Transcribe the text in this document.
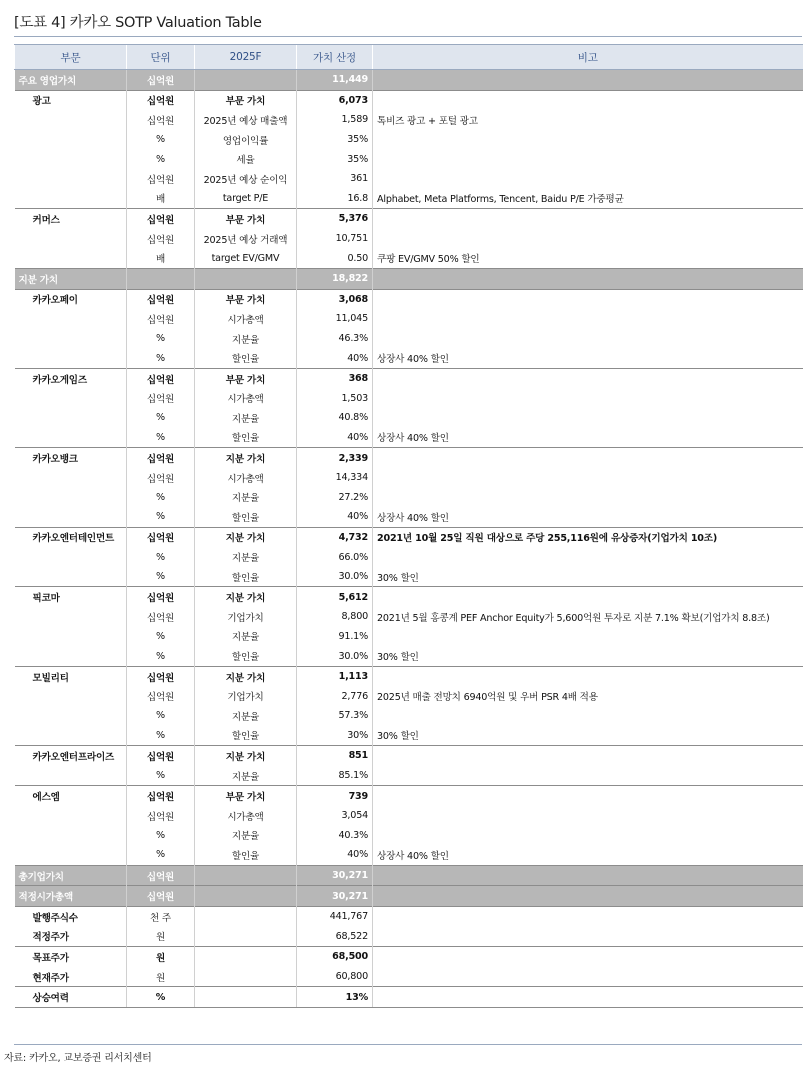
[도표 4] 카카오 SOTP Valuation Table
부문	단위	2025F	가치 산정	비고
주요 영업가치	십억원		11,449	
광고	십억원	부문 가치	6,073	
	십억원	2025년 예상 매출액	1,589	톡비즈 광고 + 포털 광고
	%	영업이익률	35%	
	%	세율	35%	
	십억원	2025년 예상 순이익	361	
	배	target P/E	16.8	Alphabet, Meta Platforms, Tencent, Baidu P/E 가중평균
커머스	십억원	부문 가치	5,376	
	십억원	2025년 예상 거래액	10,751	
	배	target EV/GMV	0.50	쿠팡 EV/GMV 50% 할인
지분 가치			18,822	
카카오페이	십억원	부문 가치	3,068	
	십억원	시가총액	11,045	
	%	지분율	46.3%	
	%	할인율	40%	상장사 40% 할인
카카오게임즈	십억원	부문 가치	368	
	십억원	시가총액	1,503	
	%	지분율	40.8%	
	%	할인율	40%	상장사 40% 할인
카카오뱅크	십억원	지분 가치	2,339	
	십억원	시가총액	14,334	
	%	지분율	27.2%	
	%	할인율	40%	상장사 40% 할인
카카오엔터테인먼트	십억원	지분 가치	4,732	2021년 10월 25일 직원 대상으로 주당 255,116원에 유상증자(기업가치 10조)
	%	지분율	66.0%	
	%	할인율	30.0%	30% 할인
픽코마	십억원	지분 가치	5,612	
	십억원	기업가치	8,800	2021년 5월 홍콩계 PEF Anchor Equity가 5,600억원 투자로 지분 7.1% 확보(기업가치 8.8조)
	%	지분율	91.1%	
	%	할인율	30.0%	30% 할인
모빌리티	십억원	지분 가치	1,113	
	십억원	기업가치	2,776	2025년 매출 전망치 6940억원 및 우버 PSR 4배 적용
	%	지분율	57.3%	
	%	할인율	30%	30% 할인
카카오엔터프라이즈	십억원	지분 가치	851	
	%	지분율	85.1%	
에스엠	십억원	부문 가치	739	
	십억원	시가총액	3,054	
	%	지분율	40.3%	
	%	할인율	40%	상장사 40% 할인
총기업가치	십억원		30,271	
적정시가총액	십억원		30,271	
발행주식수	천 주		441,767	
적정주가	원		68,522	
목표주가	원		68,500	
현재주가	원		60,800	
상승여력	%		13%	
자료: 카카오, 교보증권 리서치센터
